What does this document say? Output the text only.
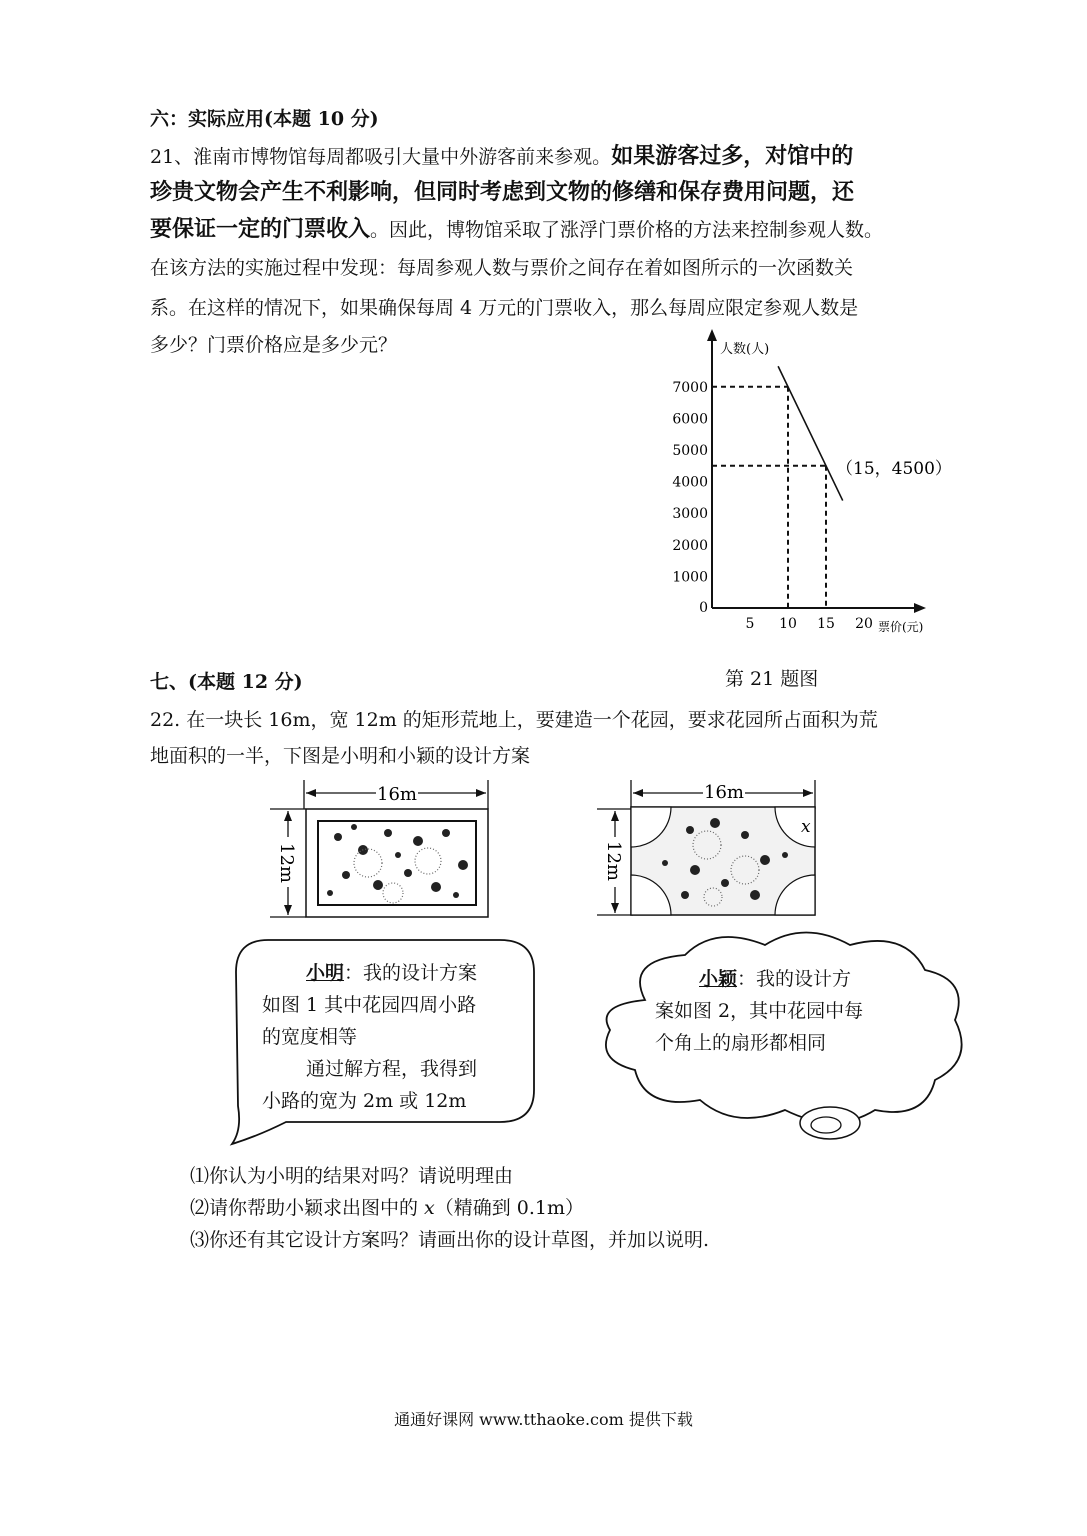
六：实际应用(本题 10 分)
21、淮南市博物馆每周都吸引大量中外游客前来参观。如果游客过多，对馆中的
珍贵文物会产生不利影响，但同时考虑到文物的修缮和保存费用问题，还
要保证一定的门票收入。因此，博物馆采取了涨浮门票价格的方法来控制参观人数。
在该方法的实施过程中发现：每周参观人数与票价之间存在着如图所示的一次函数关
系。在这样的情况下，如果确保每周 4 万元的门票收入，那么每周应限定参观人数是
多少？门票价格应是多少元？
0
1000
2000
3000
4000
5000
6000
7000
5 10 15 20
人数(人)
票价(元)
（15，4500）
七、(本题 12 分)	第 21 题图
22. 在一块长 16m，宽 12m 的矩形荒地上，要建造一个花园，要求花园所占面积为荒
地面积的一半，下图是小明和小颖的设计方案
16m
12m
16m
12m
x
小明：我的设计方案
如图 1 其中花园四周小路
的宽度相等
通过解方程，我得到
小路的宽为 2m 或 12m
小颖：我的设计方
案如图 2，其中花园中每
个角上的扇形都相同
⑴你认为小明的结果对吗？请说明理由
⑵请你帮助小颖求出图中的 x（精确到 0.1m）
⑶你还有其它设计方案吗？请画出你的设计草图，并加以说明.
通通好课网 www.tthaoke.com 提供下载
